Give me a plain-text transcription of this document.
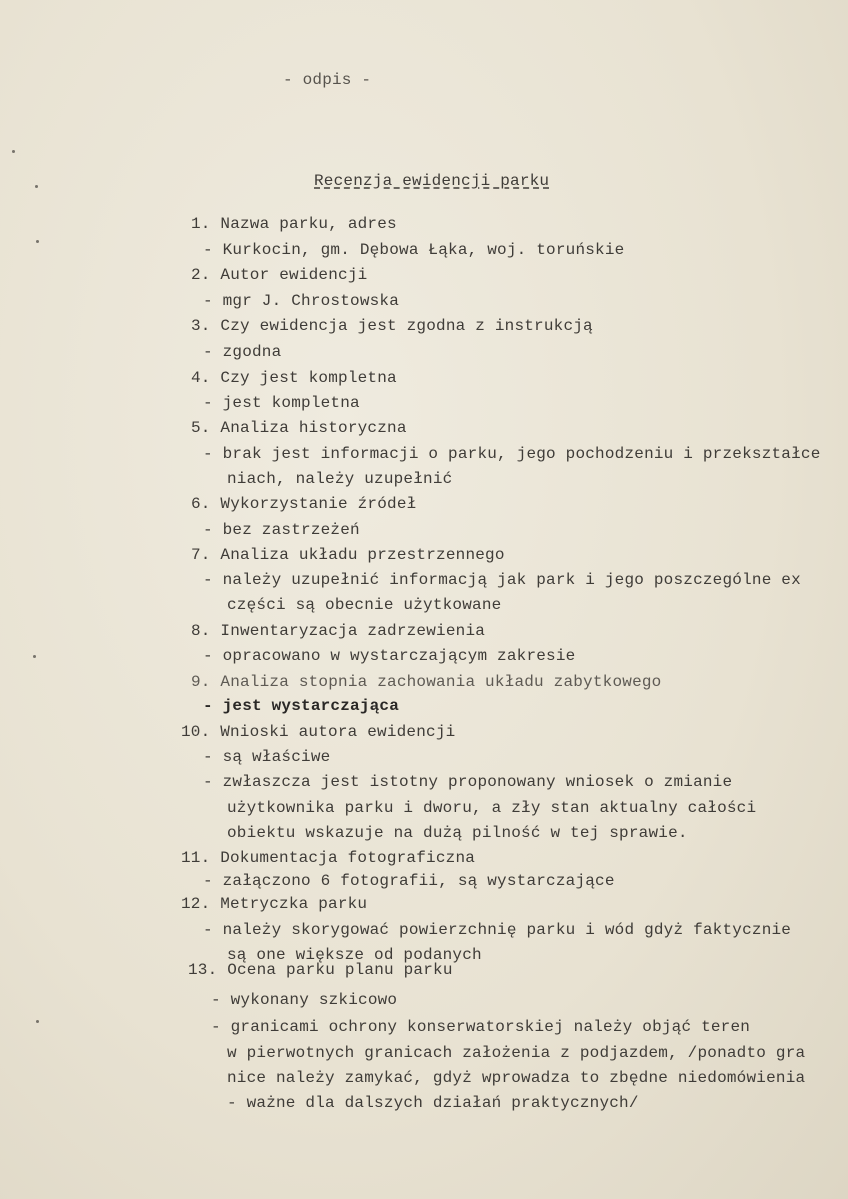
- odpis -
Recenzja ewidencji parku
1. Nazwa parku, adres
- Kurkocin, gm. Dębowa Łąka, woj. toruńskie
2. Autor ewidencji
- mgr J. Chrostowska
3. Czy ewidencja jest zgodna z instrukcją
- zgodna
4. Czy jest kompletna
- jest kompletna
5. Analiza historyczna
- brak jest informacji o parku, jego pochodzeniu i przekształce
niach, należy uzupełnić
6. Wykorzystanie źródeł
- bez zastrzeżeń
7. Analiza układu przestrzennego
- należy uzupełnić informacją jak park i jego poszczególne ex
części są obecnie użytkowane
8. Inwentaryzacja zadrzewienia
- opracowano w wystarczającym zakresie
9. Analiza stopnia zachowania układu zabytkowego
- jest wystarczająca
10. Wnioski autora ewidencji
- są właściwe
- zwłaszcza jest istotny proponowany wniosek o zmianie
użytkownika parku i dworu, a zły stan aktualny całości
obiektu wskazuje na dużą pilność w tej sprawie.
11. Dokumentacja fotograficzna
- załączono 6 fotografii, są wystarczające
12. Metryczka parku
- należy skorygować powierzchnię parku i wód gdyż faktycznie
są one większe od podanych
13. Ocena parku planu parku
- wykonany szkicowo
- granicami ochrony konserwatorskiej należy objąć teren
w pierwotnych granicach założenia z podjazdem, /ponadto gra
nice należy zamykać, gdyż wprowadza to zbędne niedomówienia
- ważne dla dalszych działań praktycznych/
